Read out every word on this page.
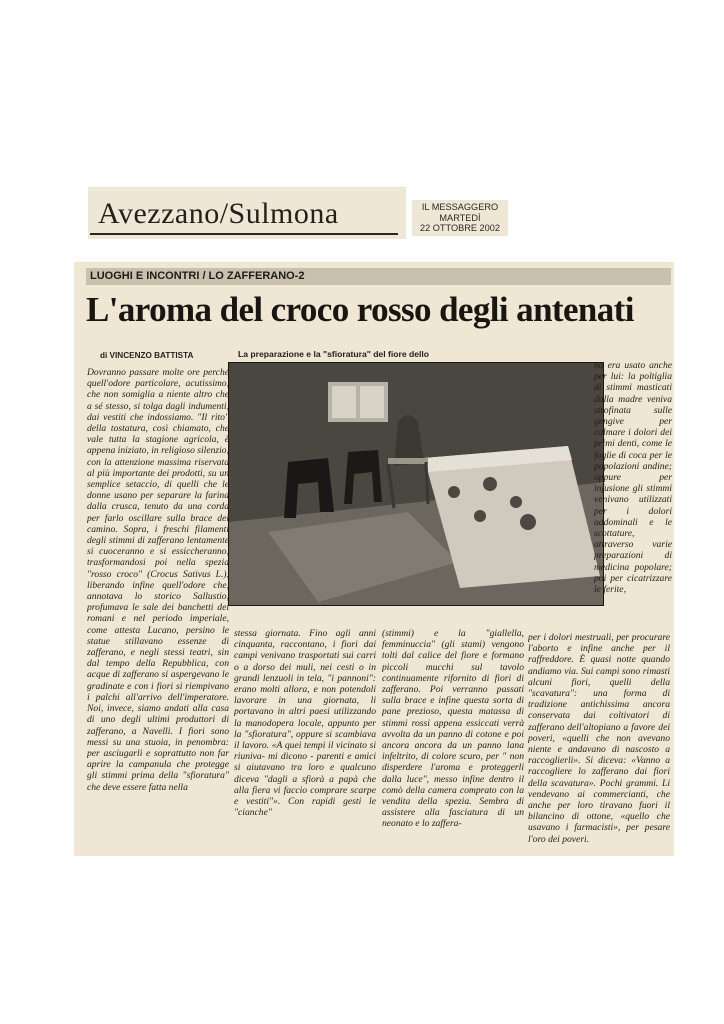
Avezzano/Sulmona	IL MESSAGGERO
MARTEDÌ
22 OTTOBRE 2002
LUOGHI E INCONTRI / LO ZAFFERANO-2
L'aroma del croco rosso degli antenati
di VINCENZO BATTISTA	La preparazione e la "sfioratura" del fiore dello
Dovranno passare molte ore perché quell'odore particolare, acutissimo, che non somiglia a niente altro che a sé stesso, si tolga dagli indumenti, dai vestiti che indossiamo. "Il rito" della tostatura, così chiamato, che vale tutta la stagione agricola, è appena iniziato, in religioso silenzio, con la attenzione massima riservata al più importante dei prodotti, su un semplice setaccio, di quelli che le donne usano per separare la farina dalla crusca, tenuto da una corda per farlo oscillare sulla brace del camino. Sopra, i freschi filamenti degli stimmi di zafferano lentamente si cuoceranno e si essiccheranno, trasformandosi poi nella spezia "rosso croco" (Crocus Sativus L.), liberando infine quell'odore che, annotava lo storico Sallustio, profumava le sale dei banchetti dei romani e nel periodo imperiale, come attesta Lucano, persino le statue stillavano essenze di zafferano, e negli stessi teatri, sin dal tempo della Repubblica, con acque di zafferano si aspergevano le gradinate e con i fiori si riempivano i palchi all'arrivo dell'imperatore. Noi, invece, siamo andati alla casa di uno degli ultimi produttori di zafferano, a Navelli. I fiori sono messi su una stuoia, in penombra: per asciugarli e soprattutto non far aprire la campanula che protegge gli stimmi prima della "sfioratura" che deve essere fatta nella
no era usato anche per lui: la poltiglia di stimmi masticati dalla madre veniva strofinata sulle gengive per calmare i dolori dei primi denti, come le foglie di coca per le popolazioni andine; oppure per infusione gli stimmi venivano utilizzati per i dolori addominali e le scottature, attraverso varie preparazioni di medicina popolare; poi per cicatrizzare le ferite,
stessa giornata. Fino agli anni cinquanta, raccontano, i fiori dai campi venivano trasportati sui carri o a dorso dei muli, nei cesti o in grandi lenzuoli in tela, "i pannoni": erano molti allora, e non potendoli lavorare in una giornata, li portavano in altri paesi utilizzando la manodopera locale, appunto per la "sfioratura", oppure si scambiava il lavoro. «A quei tempi il vicinato si riuniva- mi dicono - parenti e amici si aiutavano tra loro e qualcuno diceva "dagli a sfiorà a papà che alla fiera vi faccio comprare scarpe e vestiti"». Con rapidi gesti le "cianche"
(stimmi) e la "giallella, femminuccia" (gli stami) vengono tolti dal calice del fiore e formano piccoli mucchi sul tavolo continuamente rifornito di fiori di zafferano. Poi verranno passati sulla brace e infine questa sorta di pane prezioso, questa matassa di stimmi rossi appena essiccati verrà avvolta da un panno di cotone e poi ancora ancora da un panno lana infeltrito, di colore scuro, per " non disperdere l'aroma e proteggerli dalla luce", messo infine dentro il comò della camera comprato con la vendita della spezia. Sembra di assistere alla fasciatura di un neonato e lo zaffera-
per i dolori mestruali, per procurare l'aborto e infine anche per il raffreddore. È quasi notte quando andiamo via. Sui campi sono rimasti alcuni fiori, quelli della "scavatura": una forma di tradizione antichissima ancora conservata dai coltivatori di zafferano dell'altopiano a favore dei poveri, «quelli che non avevano niente e andavano di nascosto a raccoglierli». Si diceva: «Vanno a raccogliere lo zafferano dai fiori della scavatura». Pochi grammi. Li vendevano ai commercianti, che anche per loro tiravano fuori il bilancino di ottone, «quello che usavano i farmacisti», per pesare l'oro dei poveri.
